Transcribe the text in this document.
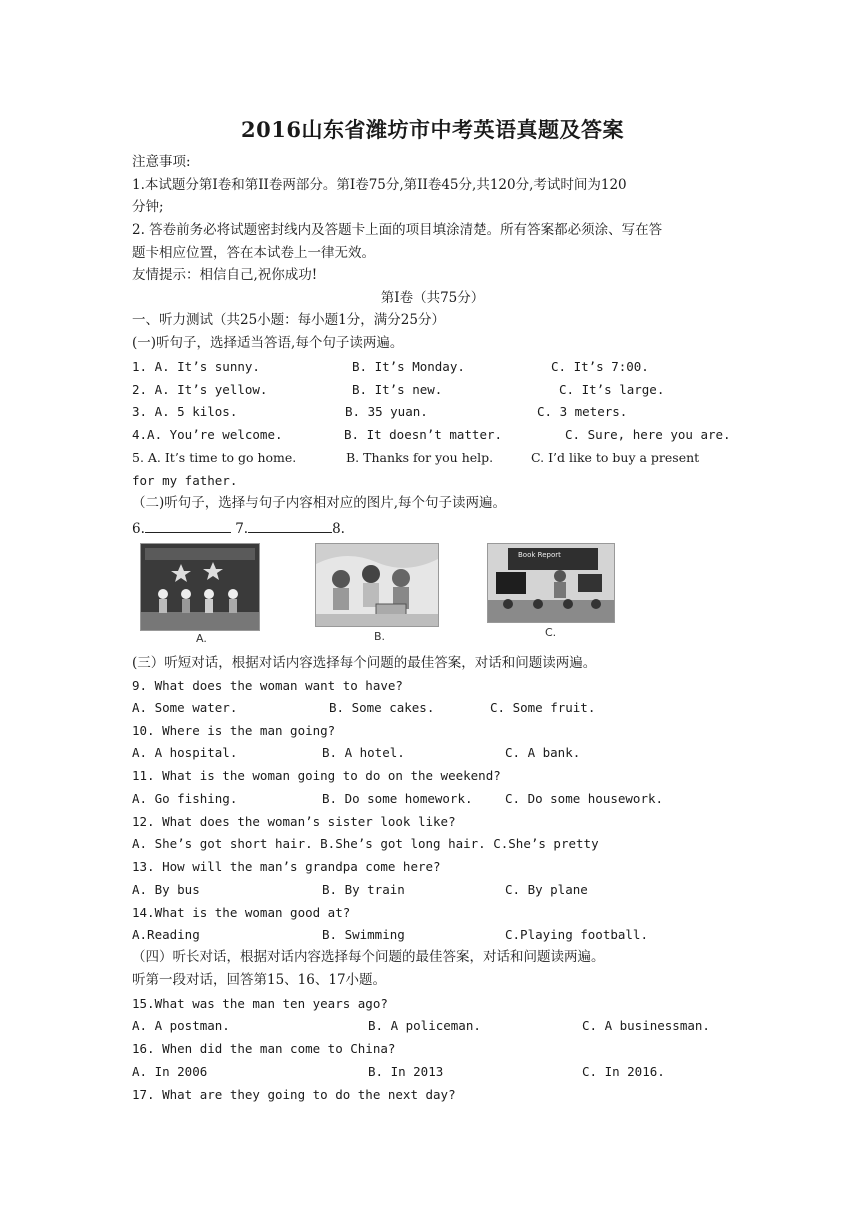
2016山东省潍坊市中考英语真题及答案
注意事项:
1.本试题分第Ⅰ卷和第II卷两部分。第Ⅰ卷75分,第II卷45分,共120分,考试时间为120
分钟;
2. 答卷前务必将试题密封线内及答题卡上面的项目填涂清楚。所有答案都必须涂、写在答
题卡相应位置，答在本试卷上一律无效。
友情提示：相信自己,祝你成功!
第Ⅰ卷（共75分）
一、听力测试（共25小题：每小题1分，满分25分）
(一)听句子，选择适当答语,每个句子读两遍。
1. A. It’s sunny.	B. It’s Monday.	C. It’s 7:00.
2. A. It’s yellow.	B. It’s new.	C. It’s large.
3. A. 5 kilos.	B. 35 yuan.	C. 3 meters.
4.A. You’re welcome.	B. It doesn’t matter.	C. Sure, here you are.
5. A. It’s time to go home.	B. Thanks for you help.	C. I’d like to buy a present
for my father.
（二)听句子，选择与句子内容相对应的图片,每个句子读两遍。
6.	7.	8.
A.	B.
Book Report
C.
(三）听短对话，根据对话内容选择每个问题的最佳答案，对话和问题读两遍。
9. What does the woman want to have?
A. Some water.	B. Some cakes.	C. Some fruit.
10. Where is the man going?
A. A hospital.	B. A hotel.	C. A bank.
11. What is the woman going to do on the weekend?
A. Go fishing.	B. Do some homework.	C. Do some housework.
12. What does the woman’s sister look like?
A. She’s got short hair. B.She’s got long hair. C.She’s pretty
13. How will the man’s grandpa come here?
A. By bus	B. By train	C. By plane
14.What is the woman good at?
A.Reading	B. Swimming	C.Playing football.
（四）听长对话，根据对话内容选择每个问题的最佳答案，对话和问题读两遍。
听第一段对话，回答第15、16、17小题。
15.What was the man ten years ago?
A. A postman.	B. A policeman.	C. A businessman.
16. When did the man come to China?
A. In 2006	B. In 2013	C. In 2016.
17. What are they going to do the next day?
